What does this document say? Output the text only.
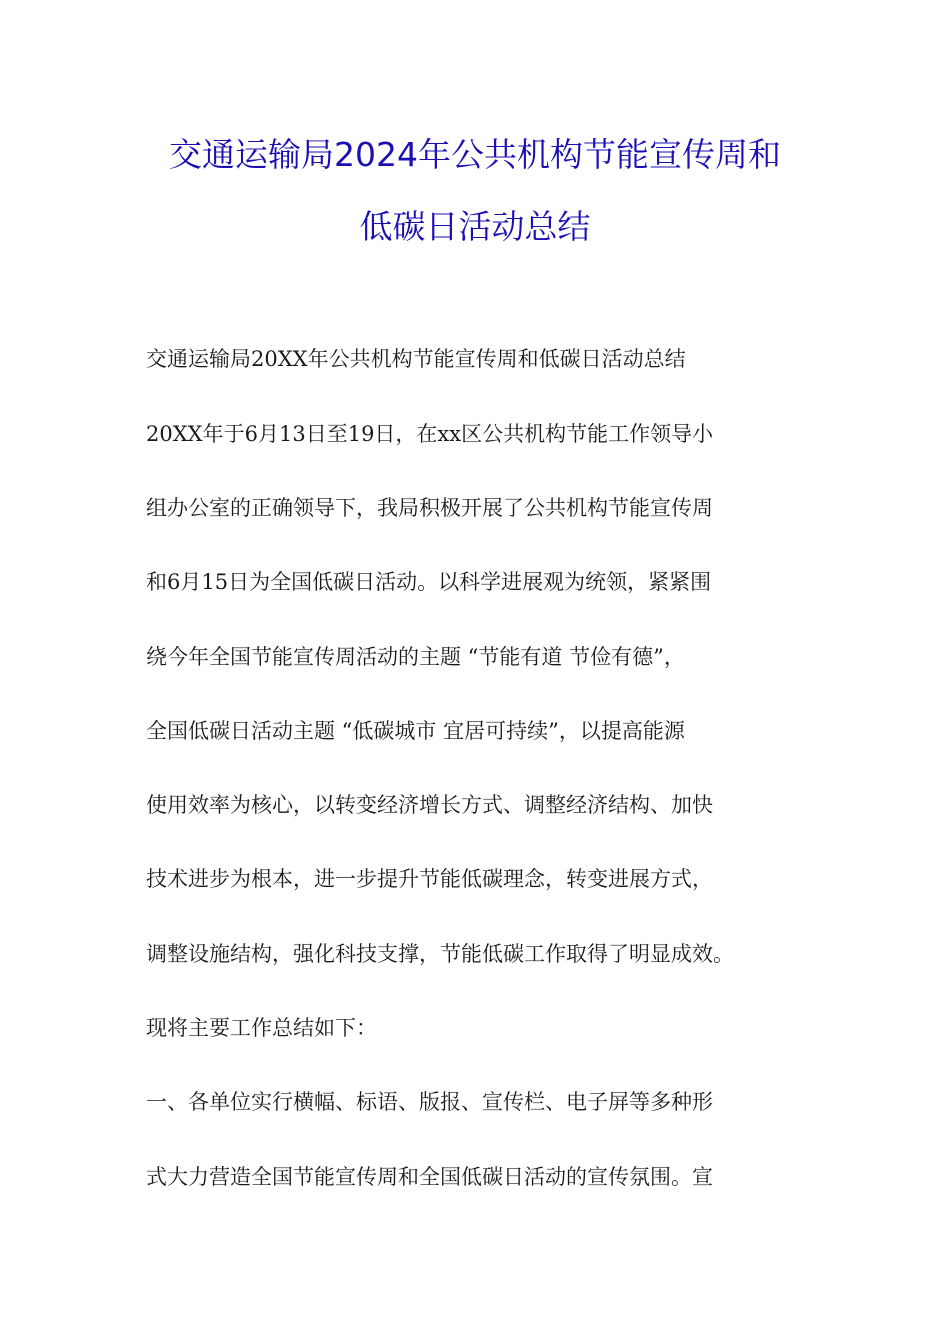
交通运输局2024年公共机构节能宣传周和
低碳日活动总结
交通运输局20XX年公共机构节能宣传周和低碳日活动总结
20XX年于6月13日至19日，在xx区公共机构节能工作领导小
组办公室的正确领导下，我局积极开展了公共机构节能宣传周
和6月15日为全国低碳日活动。以科学进展观为统领，紧紧围
绕今年全国节能宣传周活动的主题 “节能有道 节俭有德”，
全国低碳日活动主题 “低碳城市 宜居可持续”，以提高能源
使用效率为核心，以转变经济增长方式、调整经济结构、加快
技术进步为根本，进一步提升节能低碳理念，转变进展方式，
调整设施结构，强化科技支撑，节能低碳工作取得了明显成效。
现将主要工作总结如下：
一、各单位实行横幅、标语、版报、宣传栏、电子屏等多种形
式大力营造全国节能宣传周和全国低碳日活动的宣传氛围。宣
